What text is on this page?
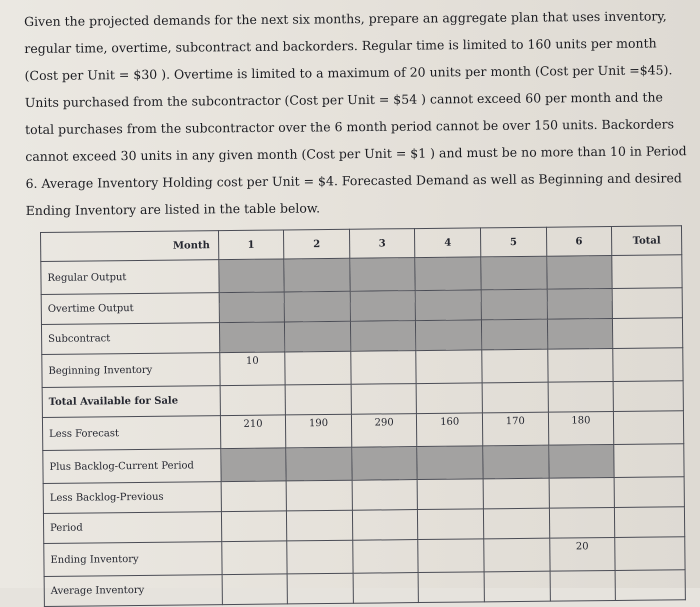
Given the projected demands for the next six months, prepare an aggregate plan that uses inventory, regular time, overtime, subcontract and backorders. Regular time is limited to 160 units per month (Cost per Unit = $30 ). Overtime is limited to a maximum of 20 units per month (Cost per Unit =$45). Units purchased from the subcontractor (Cost per Unit = $54 ) cannot exceed 60 per month and the total purchases from the subcontractor over the 6 month period cannot be over 150 units. Backorders cannot exceed 30 units in any given month (Cost per Unit = $1 ) and must be no more than 10 in Period 6. Average Inventory Holding cost per Unit = $4. Forecasted Demand as well as Beginning and desired Ending Inventory are listed in the table below.

Month	1	2	3	4	5	6	Total
Regular Output							
Overtime Output							
Subcontract							
Beginning Inventory	10						
Total Available for Sale							
Less Forecast	210	190	290	160	170	180	
Plus Backlog-Current Period							
Less Backlog-Previous							
Period							
Ending Inventory						20	
Average Inventory							
